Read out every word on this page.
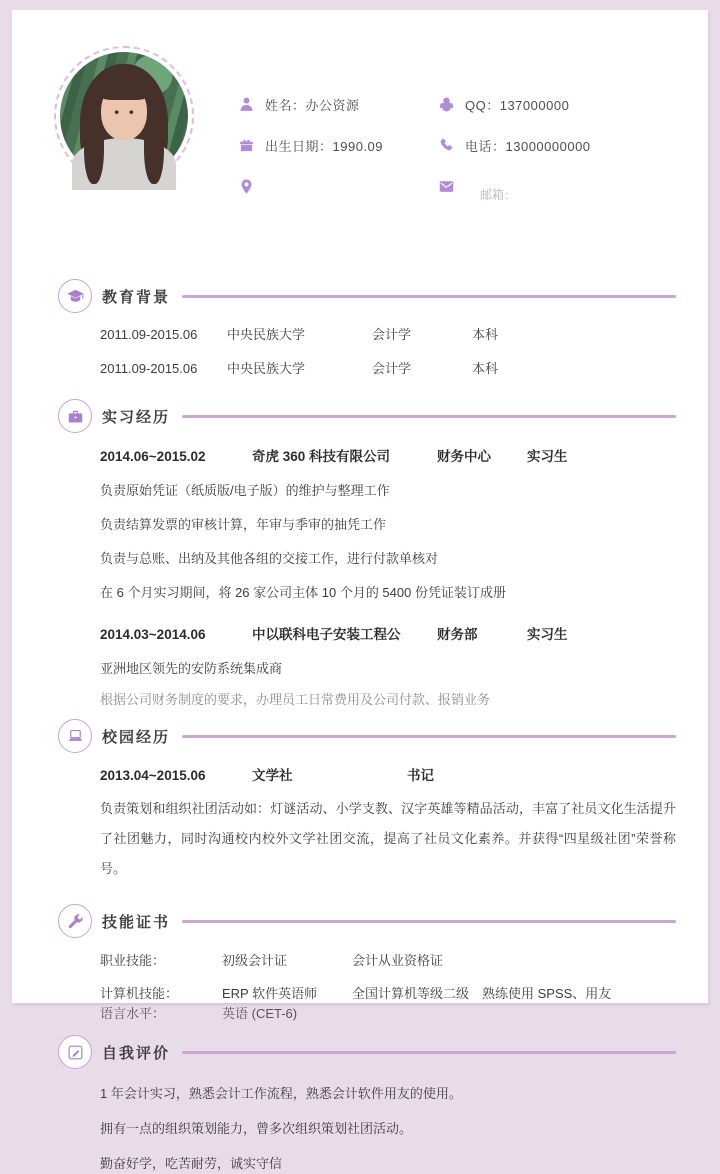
姓名：办公资源
出生日期：1990.09
QQ：137000000
电话：13000000000
邮箱：
教育背景
2011.09-2015.06	中央民族大学	会计学	本科
2011.09-2015.06	中央民族大学	会计学	本科
实习经历
2014.06~2015.02	奇虎 360 科技有限公司	财务中心	实习生
负责原始凭证（纸质版/电子版）的维护与整理工作
负责结算发票的审核计算，年审与季审的抽凭工作
负责与总账、出纳及其他各组的交接工作，进行付款单核对
在 6 个月实习期间，将 26 家公司主体 10 个月的 5400 份凭证装订成册
2014.03~2014.06	中以联科电子安装工程公	财务部	实习生
亚洲地区领先的安防系统集成商
根据公司财务制度的要求，办理员工日常费用及公司付款、报销业务
校园经历
2013.04~2015.06	文学社	书记
负责策划和组织社团活动如：灯谜活动、小学支教、汉字英雄等精品活动，丰富了社员文化生活提升了社团魅力，同时沟通校内校外文学社团交流，提高了社员文化素养。并获得“四星级社团”荣誉称号。
技能证书
职业技能：	初级会计证	会计从业资格证
计算机技能：	ERP 软件英语师	全国计算机等级二级 熟练使用 SPSS、用友
语言水平：	英语 (CET-6)
自我评价
1 年会计实习，熟悉会计工作流程，熟悉会计软件用友的使用。
拥有一点的组织策划能力，曾多次组织策划社团活动。
勤奋好学，吃苦耐劳，诚实守信
